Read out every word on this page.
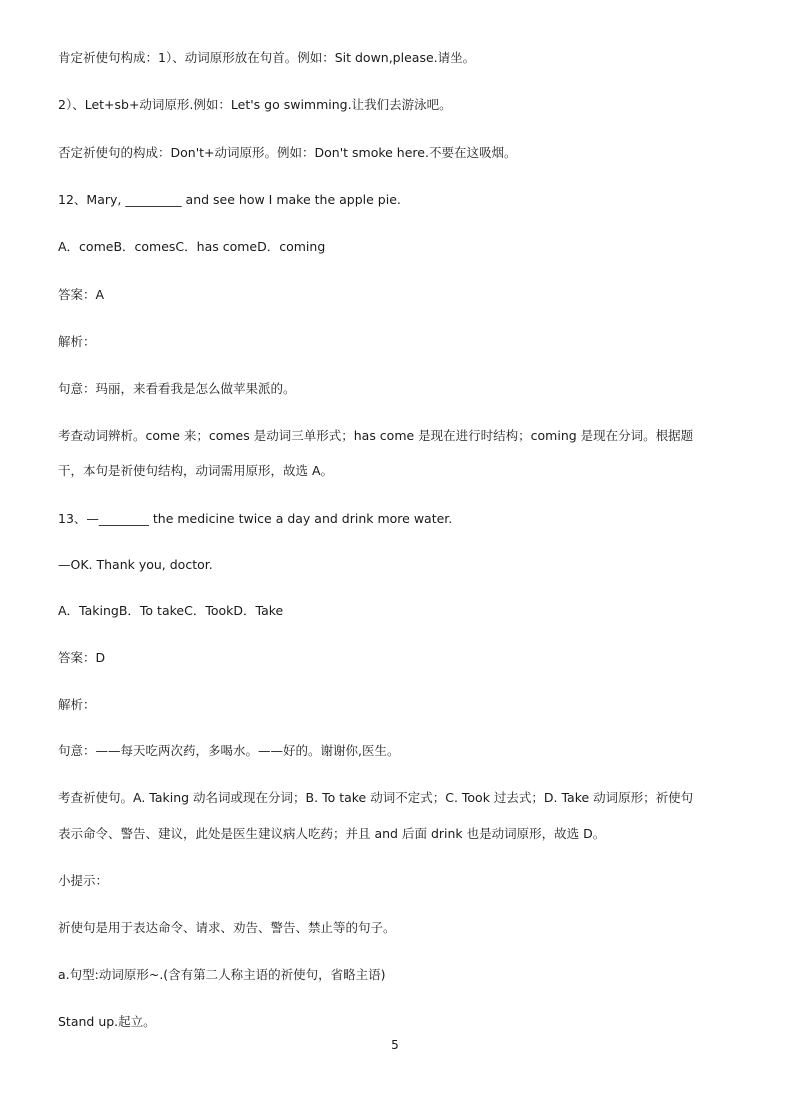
肯定祈使句构成：1）、动词原形放在句首。例如：Sit down,please.请坐。
2）、Let+sb+动词原形.例如：Let's go swimming.让我们去游泳吧。
否定祈使句的构成：Don't+动词原形。例如：Don't smoke here.不要在这吸烟。
12、Mary, _________ and see how I make the apple pie.
A．comeB．comesC．has comeD．coming
答案：A
解析：
句意：玛丽，来看看我是怎么做苹果派的。
考查动词辨析。come 来；comes 是动词三单形式；has come 是现在进行时结构；coming 是现在分词。根据题
干，本句是祈使句结构，动词需用原形，故选 A。
13、—________ the medicine twice a day and drink more water.
—OK. Thank you, doctor.
A．TakingB．To takeC．TookD．Take
答案：D
解析：
句意：——每天吃两次药，多喝水。——好的。谢谢你,医生。
考查祈使句。A. Taking 动名词或现在分词；B. To take 动词不定式；C. Took 过去式；D. Take 动词原形；祈使句
表示命令、警告、建议，此处是医生建议病人吃药；并且 and 后面 drink 也是动词原形，故选 D。
小提示：
祈使句是用于表达命令、请求、劝告、警告、禁止等的句子。
a.句型:动词原形~.(含有第二人称主语的祈使句，省略主语)
Stand up.起立。
5
